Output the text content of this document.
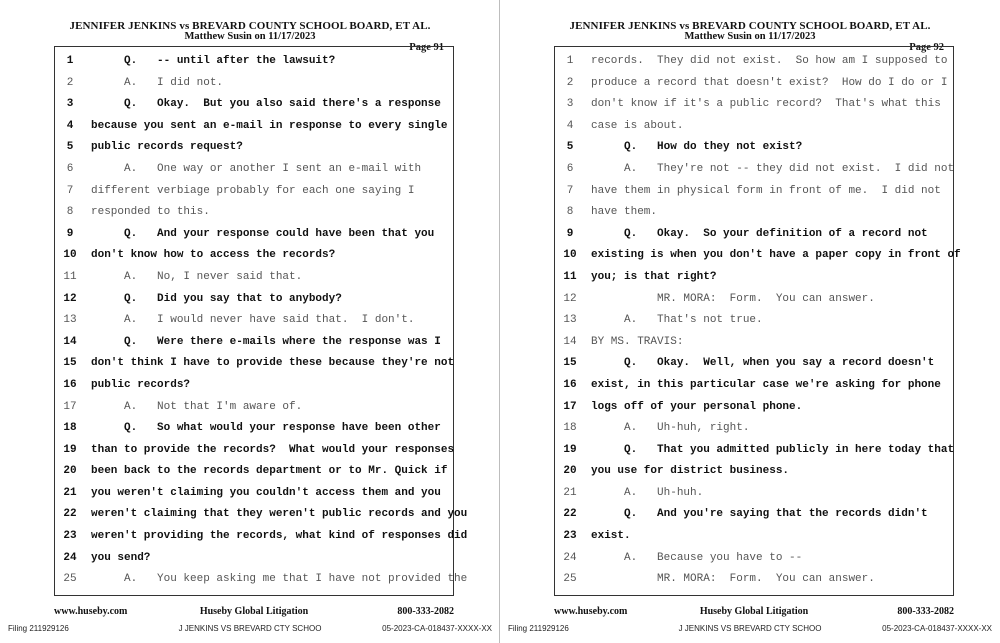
JENNIFER JENKINS vs BREVARD COUNTY SCHOOL BOARD, ET AL.
Matthew Susin on 11/17/2023
Page 91
1	Q.   -- until after the lawsuit?
2	A.   I did not.
3	Q.   Okay.  But you also said there's a response
4	because you sent an e-mail in response to every single
5	public records request?
6	A.   One way or another I sent an e-mail with
7	different verbiage probably for each one saying I
8	responded to this.
9	Q.   And your response could have been that you
10	don't know how to access the records?
11	A.   No, I never said that.
12	Q.   Did you say that to anybody?
13	A.   I would never have said that.  I don't.
14	Q.   Were there e-mails where the response was I
15	don't think I have to provide these because they're not
16	public records?
17	A.   Not that I'm aware of.
18	Q.   So what would your response have been other
19	than to provide the records?  What would your responses
20	been back to the records department or to Mr. Quick if
21	you weren't claiming you couldn't access them and you
22	weren't claiming that they weren't public records and you
23	weren't providing the records, what kind of responses did
24	you send?
25	A.   You keep asking me that I have not provided the
www.huseby.com	Huseby Global Litigation	800-333-2082
Filing 211929126	J JENKINS VS BREVARD CTY SCHOO	05-2023-CA-018437-XXXX-XX
JENNIFER JENKINS vs BREVARD COUNTY SCHOOL BOARD, ET AL.
Matthew Susin on 11/17/2023
Page 92
1	records.  They did not exist.  So how am I supposed to
2	produce a record that doesn't exist?  How do I do or I
3	don't know if it's a public record?  That's what this
4	case is about.
5	Q.   How do they not exist?
6	A.   They're not -- they did not exist.  I did not
7	have them in physical form in front of me.  I did not
8	have them.
9	Q.   Okay.  So your definition of a record not
10	existing is when you don't have a paper copy in front of
11	you; is that right?
12	MR. MORA:  Form.  You can answer.
13	A.   That's not true.
14	BY MS. TRAVIS:
15	Q.   Okay.  Well, when you say a record doesn't
16	exist, in this particular case we're asking for phone
17	logs off of your personal phone.
18	A.   Uh-huh, right.
19	Q.   That you admitted publicly in here today that
20	you use for district business.
21	A.   Uh-huh.
22	Q.   And you're saying that the records didn't
23	exist.
24	A.   Because you have to --
25	MR. MORA:  Form.  You can answer.
www.huseby.com	Huseby Global Litigation	800-333-2082
Filing 211929126	J JENKINS VS BREVARD CTY SCHOO	05-2023-CA-018437-XXXX-XX
